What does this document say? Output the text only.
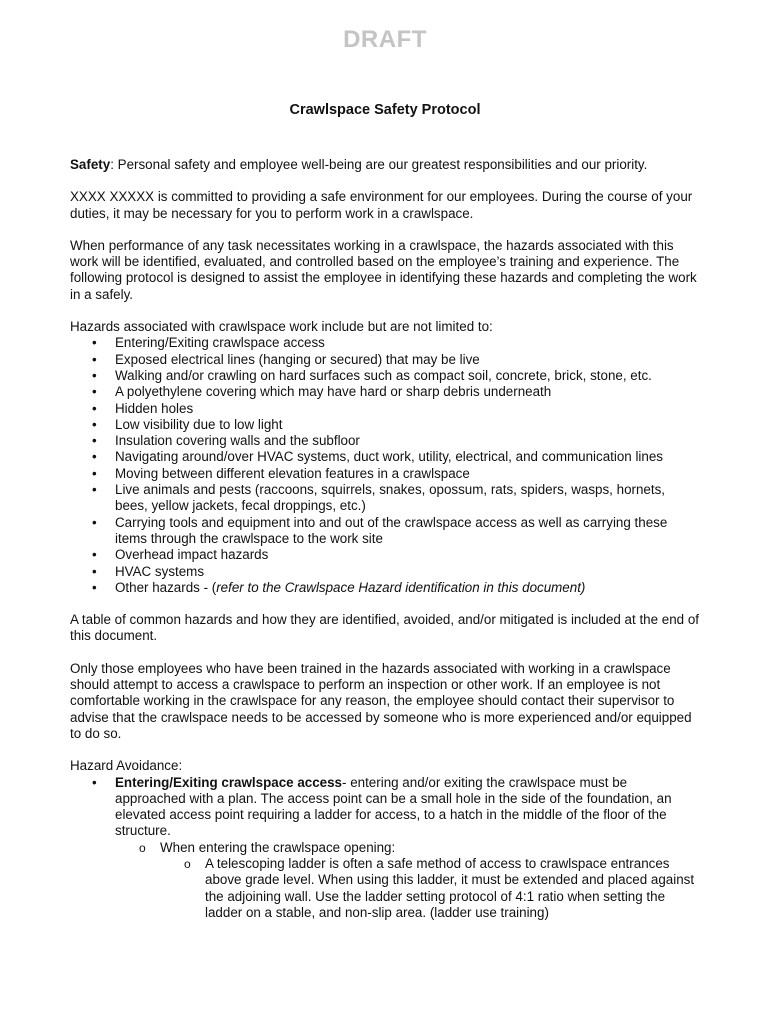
DRAFT
Crawlspace Safety Protocol

Safety: Personal safety and employee well-being are our greatest responsibilities and our priority.

XXXX XXXXX is committed to providing a safe environment for our employees. During the course of your duties, it may be necessary for you to perform work in a crawlspace.

When performance of any task necessitates working in a crawlspace, the hazards associated with this work will be identified, evaluated, and controlled based on the employee’s training and experience. The following protocol is designed to assist the employee in identifying these hazards and completing the work in a safely.

Hazards associated with crawlspace work include but are not limited to:
• Entering/Exiting crawlspace access
• Exposed electrical lines (hanging or secured) that may be live
• Walking and/or crawling on hard surfaces such as compact soil, concrete, brick, stone, etc.
• A polyethylene covering which may have hard or sharp debris underneath
• Hidden holes
• Low visibility due to low light
• Insulation covering walls and the subfloor
• Navigating around/over HVAC systems, duct work, utility, electrical, and communication lines
• Moving between different elevation features in a crawlspace
• Live animals and pests (raccoons, squirrels, snakes, opossum, rats, spiders, wasps, hornets, bees, yellow jackets, fecal droppings, etc.)
• Carrying tools and equipment into and out of the crawlspace access as well as carrying these items through the crawlspace to the work site
• Overhead impact hazards
• HVAC systems
• Other hazards - (refer to the Crawlspace Hazard identification in this document)

A table of common hazards and how they are identified, avoided, and/or mitigated is included at the end of this document.

Only those employees who have been trained in the hazards associated with working in a crawlspace should attempt to access a crawlspace to perform an inspection or other work. If an employee is not comfortable working in the crawlspace for any reason, the employee should contact their supervisor to advise that the crawlspace needs to be accessed by someone who is more experienced and/or equipped to do so.

Hazard Avoidance:
• Entering/Exiting crawlspace access- entering and/or exiting the crawlspace must be approached with a plan. The access point can be a small hole in the side of the foundation, an elevated access point requiring a ladder for access, to a hatch in the middle of the floor of the structure.
o When entering the crawlspace opening:
o A telescoping ladder is often a safe method of access to crawlspace entrances above grade level. When using this ladder, it must be extended and placed against the adjoining wall. Use the ladder setting protocol of 4:1 ratio when setting the ladder on a stable, and non-slip area. (ladder use training)
